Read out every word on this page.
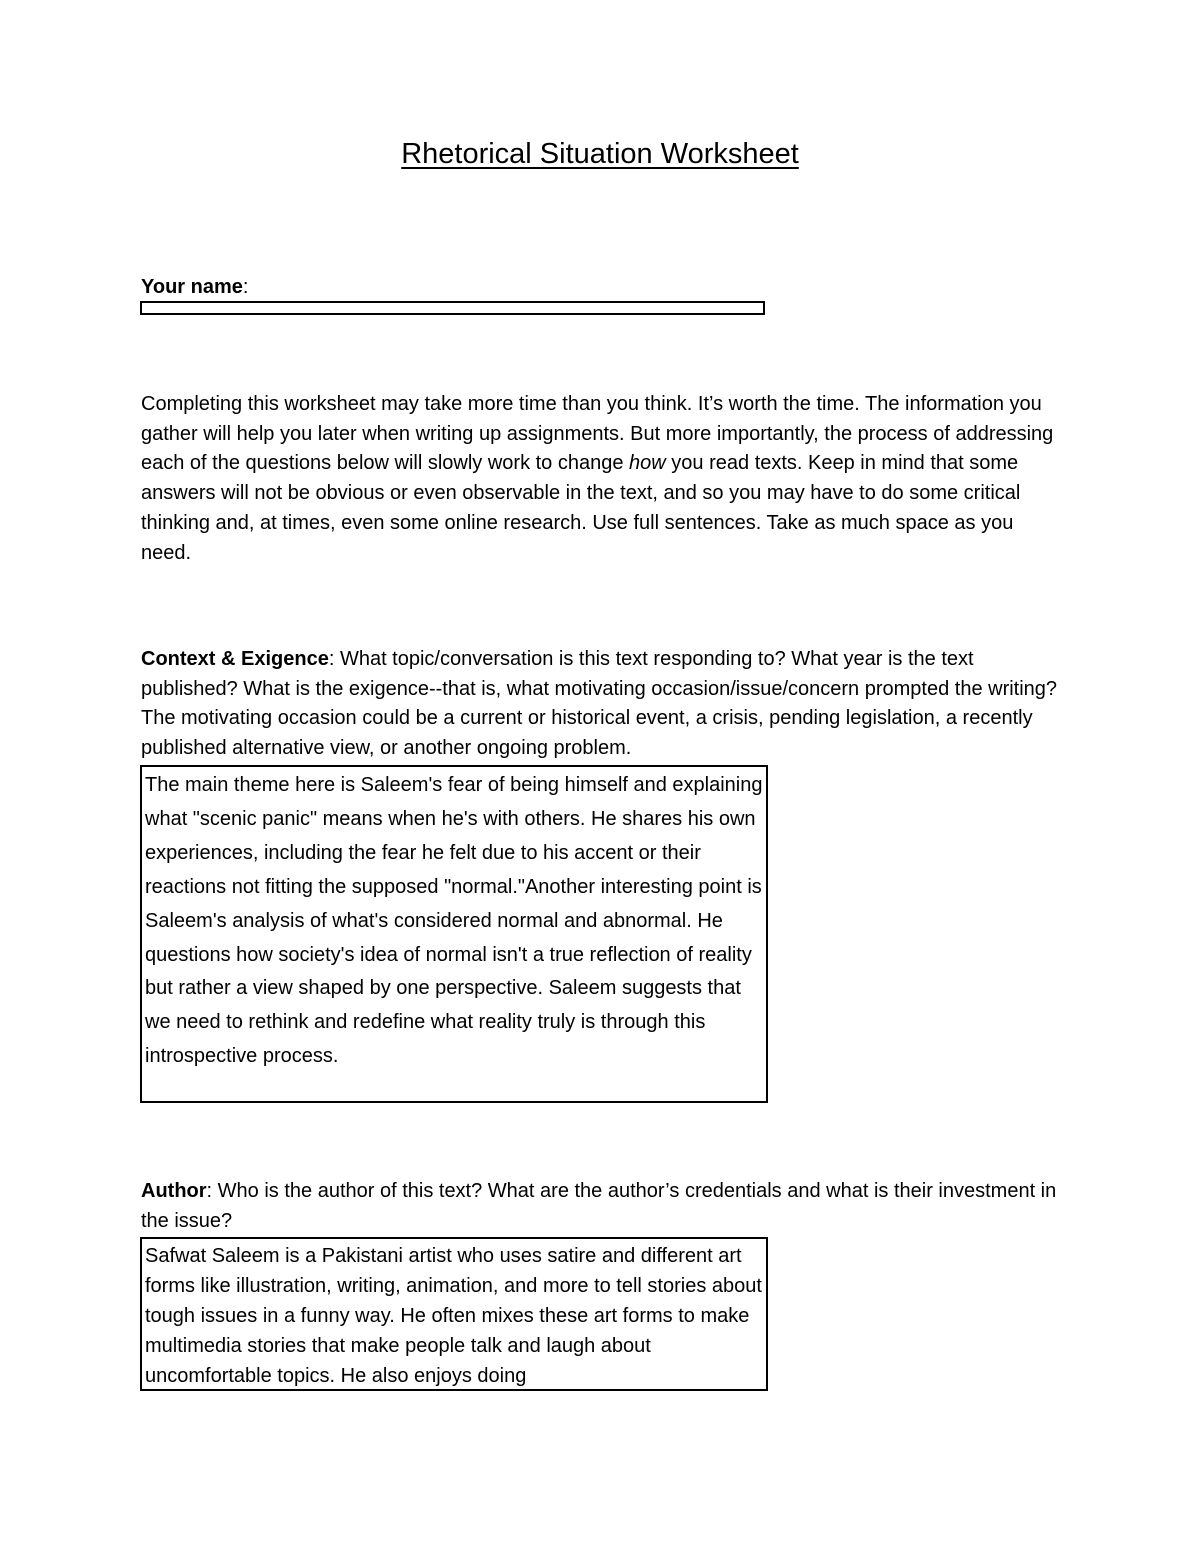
Rhetorical Situation Worksheet
Your name:

Completing this worksheet may take more time than you think. It’s worth the time. The information you gather will help you later when writing up assignments. But more importantly, the process of addressing each of the questions below will slowly work to change how you read texts. Keep in mind that some answers will not be obvious or even observable in the text, and so you may have to do some critical thinking and, at times, even some online research. Use full sentences. Take as much space as you need.

Context & Exigence: What topic/conversation is this text responding to? What year is the text published? What is the exigence--that is, what motivating occasion/issue/concern prompted the writing? The motivating occasion could be a current or historical event, a crisis, pending legislation, a recently published alternative view, or another ongoing problem.

The main theme here is Saleem's fear of being himself and explaining what "scenic panic" means when he's with others. He shares his own experiences, including the fear he felt due to his accent or their reactions not fitting the supposed "normal."Another interesting point is Saleem's analysis of what's considered normal and abnormal. He questions how society's idea of normal isn't a true reflection of reality but rather a view shaped by one perspective. Saleem suggests that we need to rethink and redefine what reality truly is through this introspective process.

Author: Who is the author of this text? What are the author’s credentials and what is their investment in the issue?

Safwat Saleem is a Pakistani artist who uses satire and different art forms like illustration, writing, animation, and more to tell stories about tough issues in a funny way. He often mixes these art forms to make multimedia stories that make people talk and laugh about uncomfortable topics. He also enjoys doing
